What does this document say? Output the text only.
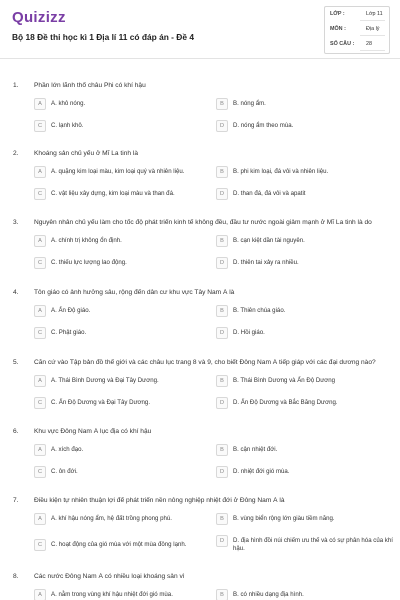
Quizizz
Bộ 18 Đề thi học kì 1 Địa lí 11 có đáp án - Đề 4
LỚP :	Lớp 11
MÔN :	Địa lý
SỐ CÂU : 28
1. Phần lớn lãnh thổ châu Phi có khí hậu
A	A. khô nóng.	B	B. nóng ẩm.
C	C. lạnh khô.	D	D. nóng ẩm theo mùa.
2. Khoáng sản chủ yếu ở Mĩ La tinh là
A	A. quặng kim loại màu, kim loại quý và nhiên liệu.	B	B. phi kim loại, đá vôi và nhiên liệu.
C	C. vật liệu xây dựng, kim loại màu và than đá.	D	D. than đá, đá vôi và apatit
3. Nguyên nhân chủ yếu làm cho tốc độ phát triển kinh tế không đều, đầu tư nước ngoài giảm mạnh ở Mĩ La tinh là do
A	A. chính trị không ổn định.	B	B. cạn kiệt dần tài nguyên.
C	C. thiếu lực lượng lao động.	D	D. thiên tai xảy ra nhiều.
4. Tôn giáo có ảnh hưởng sâu, rộng đến dân cư khu vực Tây Nam Á là
A	A. Ấn Độ giáo.	B	B. Thiên chúa giáo.
C	C. Phật giáo.	D	D. Hồi giáo.
5. Căn cứ vào Tập bản đồ thế giới và các châu lục trang 8 và 9, cho biết Đông Nam Á tiếp giáp với các đại dương nào?
A	A. Thái Bình Dương và Đại Tây Dương.	B	B. Thái Bình Dương và Ấn Độ Dương
C	C. Ấn Độ Dương và Đại Tây Dương.	D	D. Ấn Độ Dương và Bắc Băng Dương.
6. Khu vực Đông Nam Á lục địa có khí hậu
A	A. xích đạo.	B	B. cận nhiệt đới.
C	C. ôn đới.	D	D. nhiệt đới gió mùa.
7. Điều kiện tự nhiên thuận lợi để phát triển nền nông nghiệp nhiệt đới ở Đông Nam Á là
A	A. khí hậu nóng ẩm, hệ đất trồng phong phú.	B	B. vùng biển rộng lớn giàu tiềm năng.
C	C. hoạt động của gió mùa với một mùa đông lạnh.	D	D. địa hình đồi núi chiếm ưu thế và có sự phân hóa của khí hậu.
8. Các nước Đông Nam Á có nhiều loại khoáng sản vì
A	A. nằm trong vùng khí hậu nhiệt đới gió mùa.	B	B. có nhiều dạng địa hình.
